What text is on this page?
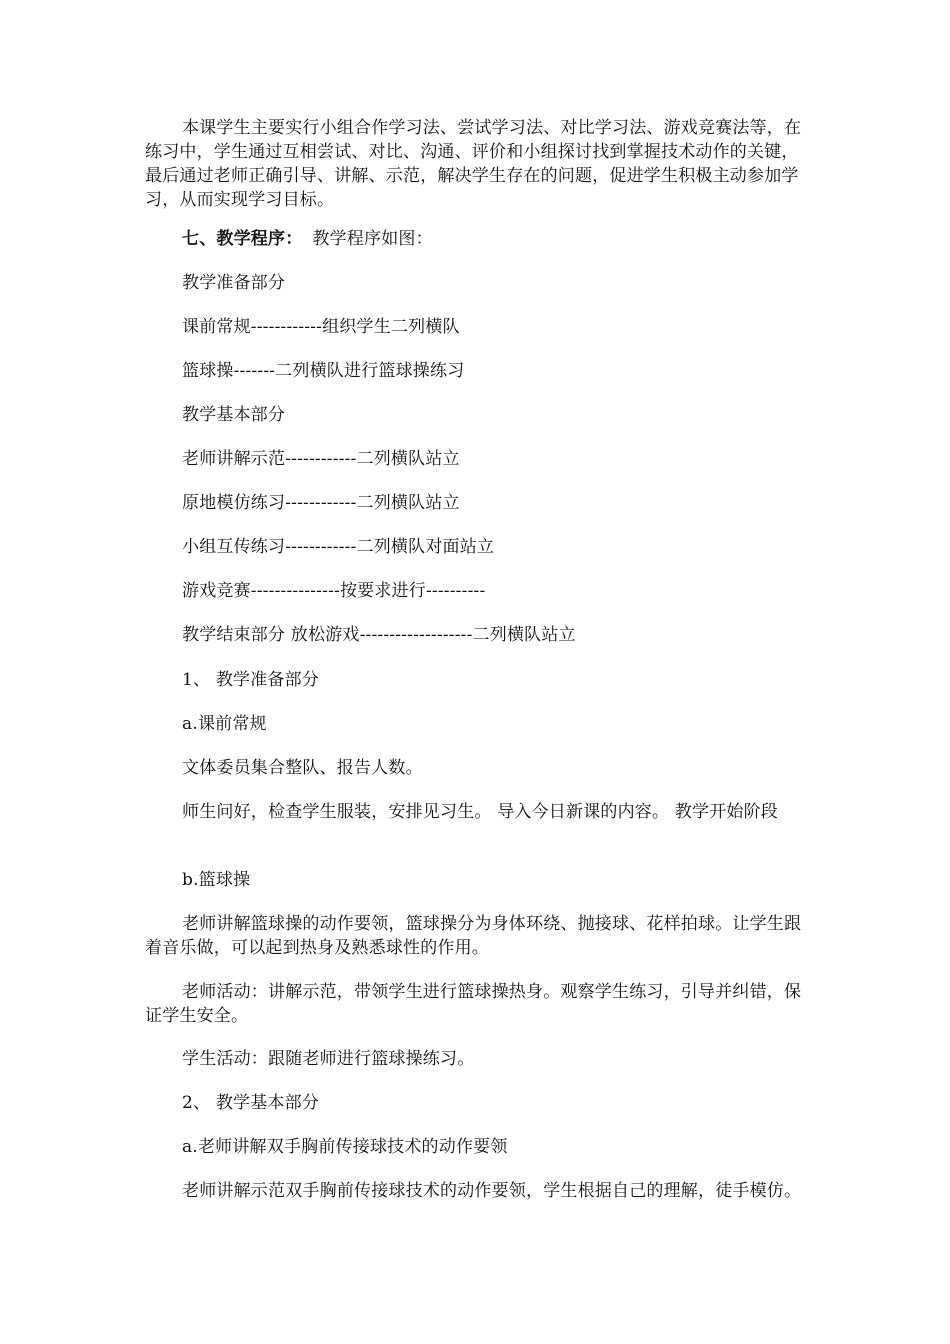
本课学生主要实行小组合作学习法、尝试学习法、对比学习法、游戏竞赛法等，在练习中，学生通过互相尝试、对比、沟通、评价和小组探讨找到掌握技术动作的关键，最后通过老师正确引导、讲解、示范，解决学生存在的问题，促进学生积极主动参加学习，从而实现学习目标。
七、教学程序： 教学程序如图：
教学准备部分
课前常规------------组织学生二列横队
篮球操-------二列横队进行篮球操练习
教学基本部分
老师讲解示范------------二列横队站立
原地模仿练习------------二列横队站立
小组互传练习------------二列横队对面站立
游戏竞赛---------------按要求进行----------
教学结束部分 放松游戏-------------------二列横队站立
1、 教学准备部分
a.课前常规
文体委员集合整队、报告人数。
师生问好，检查学生服装，安排见习生。 导入今日新课的内容。 教学开始阶段
b.篮球操
老师讲解篮球操的动作要领，篮球操分为身体环绕、抛接球、花样拍球。让学生跟着音乐做，可以起到热身及熟悉球性的作用。
老师活动：讲解示范，带领学生进行篮球操热身。观察学生练习，引导并纠错，保证学生安全。
学生活动：跟随老师进行篮球操练习。
2、 教学基本部分
a.老师讲解双手胸前传接球技术的动作要领
老师讲解示范双手胸前传接球技术的动作要领，学生根据自己的理解，徒手模仿。
